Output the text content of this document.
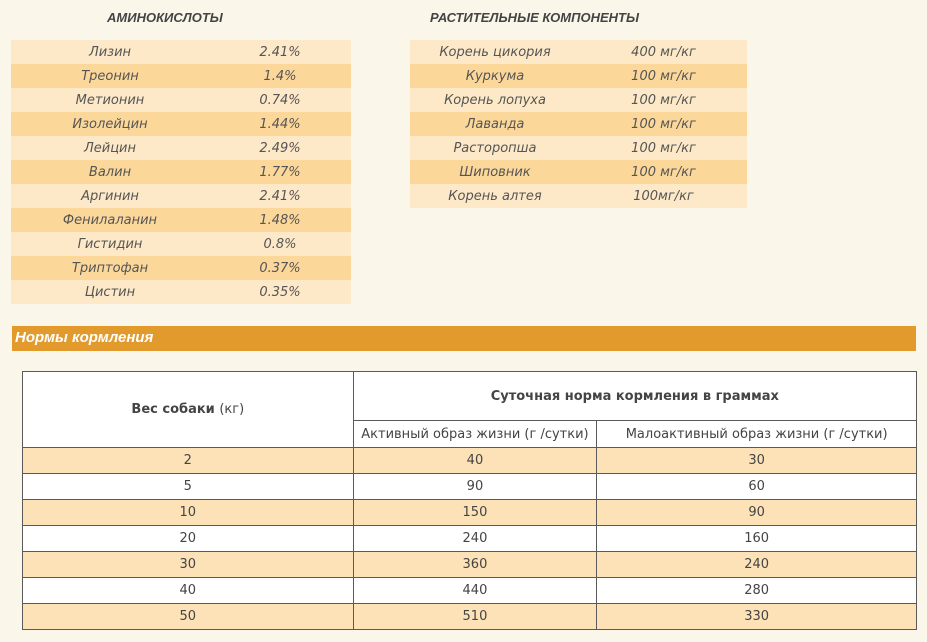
АМИНОКИСЛОТЫ
Лизин	2.41%
Треонин	1.4%
Метионин	0.74%
Изолейцин	1.44%
Лейцин	2.49%
Валин	1.77%
Аргинин	2.41%
Фенилаланин	1.48%
Гистидин	0.8%
Триптофан	0.37%
Цистин	0.35%
РАСТИТЕЛЬНЫЕ КОМПОНЕНТЫ
Корень цикория	400 мг/кг
Куркума	100 мг/кг
Корень лопуха	100 мг/кг
Лаванда	100 мг/кг
Расторопша	100 мг/кг
Шиповник	100 мг/кг
Корень алтея	100мг/кг
Нормы кормления
Вес собаки (кг)	Суточная норма кормления в граммах	
	Активный образ жизни (г /сутки)	Малоактивный образ жизни (г /сутки)
2	40	30
5	90	60
10	150	90
20	240	160
30	360	240
40	440	280
50	510	330
